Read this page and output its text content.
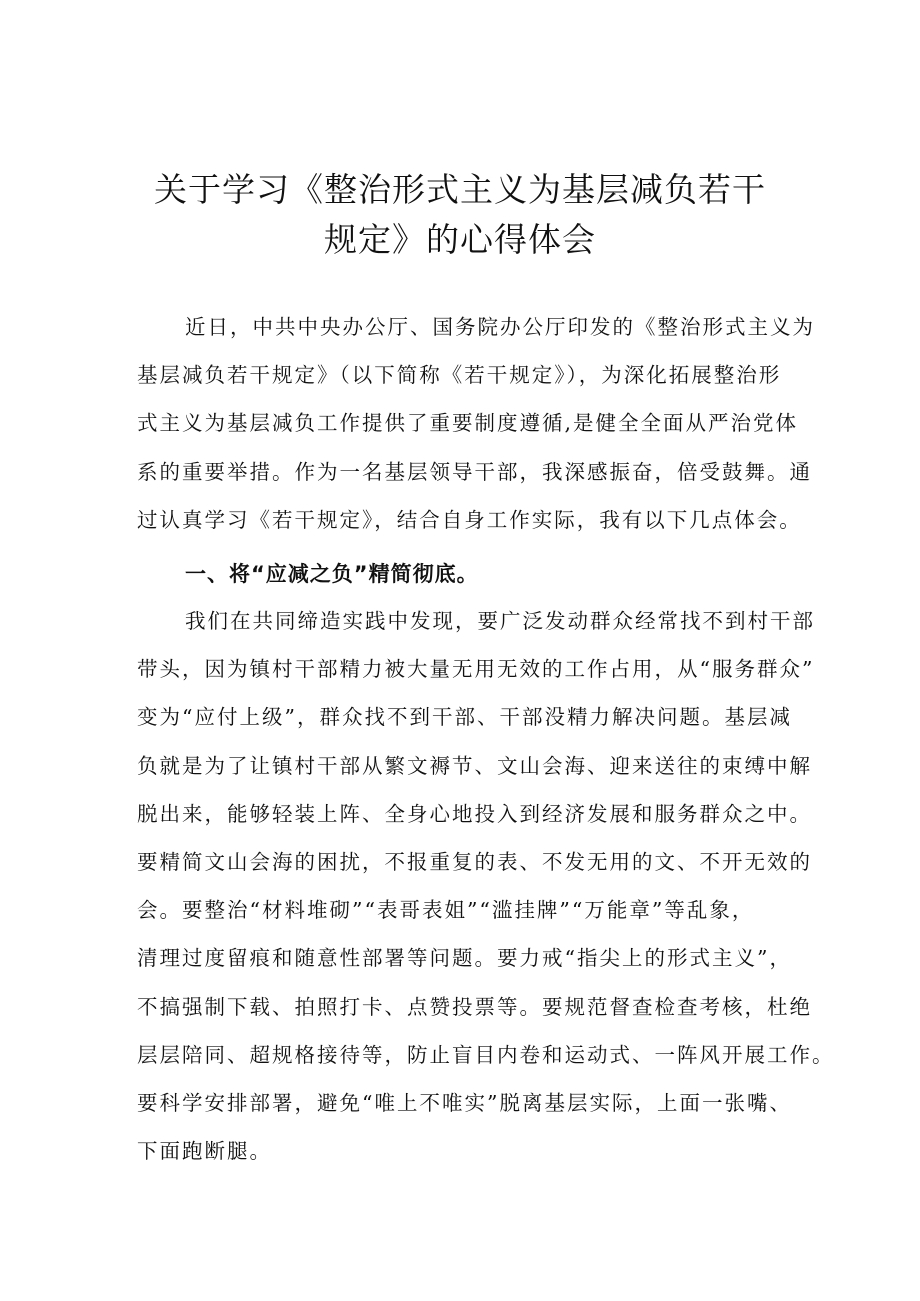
关于学习《整治形式主义为基层减负若干
规定》的心得体会
近日，中共中央办公厅、国务院办公厅印发的《整治形式主义为
基层减负若干规定》（以下简称《若干规定》），为深化拓展整治形
式主义为基层减负工作提供了重要制度遵循,是健全全面从严治党体
系的重要举措。作为一名基层领导干部，我深感振奋，倍受鼓舞。通
过认真学习《若干规定》，结合自身工作实际，我有以下几点体会。
一、将“应减之负”精简彻底。
我们在共同缔造实践中发现，要广泛发动群众经常找不到村干部
带头，因为镇村干部精力被大量无用无效的工作占用，从“服务群众”
变为“应付上级”，群众找不到干部、干部没精力解决问题。基层减
负就是为了让镇村干部从繁文褥节、文山会海、迎来送往的束缚中解
脱出来，能够轻装上阵、全身心地投入到经济发展和服务群众之中。
要精简文山会海的困扰，不报重复的表、不发无用的文、不开无效的
会。要整治“材料堆砌”“表哥表姐”“滥挂牌”“万能章”等乱象，
清理过度留痕和随意性部署等问题。要力戒“指尖上的形式主义”，
不搞强制下载、拍照打卡、点赞投票等。要规范督查检查考核，杜绝
层层陪同、超规格接待等，防止盲目内卷和运动式、一阵风开展工作。
要科学安排部署，避免“唯上不唯实”脱离基层实际，上面一张嘴、
下面跑断腿。
